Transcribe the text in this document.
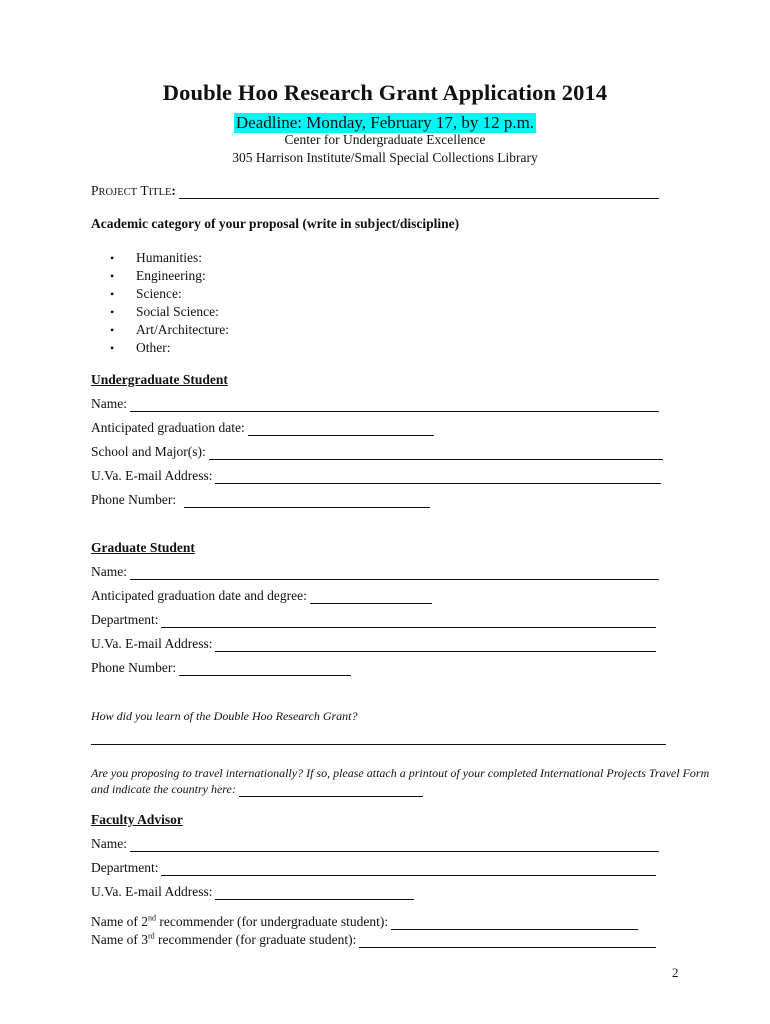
Double Hoo Research Grant Application 2014
Deadline: Monday, February 17, by 12 p.m.
Center for Undergraduate Excellence
305 Harrison Institute/Small Special Collections Library
PROJECT TITLE:
Academic category of your proposal (write in subject/discipline)
• Humanities:
• Engineering:
• Science:
• Social Science:
• Art/Architecture:
• Other:
Undergraduate Student
Name:
Anticipated graduation date:
School and Major(s):
U.Va. E-mail Address:
Phone Number:
Graduate Student
Name:
Anticipated graduation date and degree:
Department:
U.Va. E-mail Address:
Phone Number:
How did you learn of the Double Hoo Research Grant?
Are you proposing to travel internationally? If so, please attach a printout of your completed International Projects Travel Form
and indicate the country here:
Faculty Advisor
Name:
Department:
U.Va. E-mail Address:
Name of 2nd recommender (for undergraduate student):
Name of 3rd recommender (for graduate student):
2
